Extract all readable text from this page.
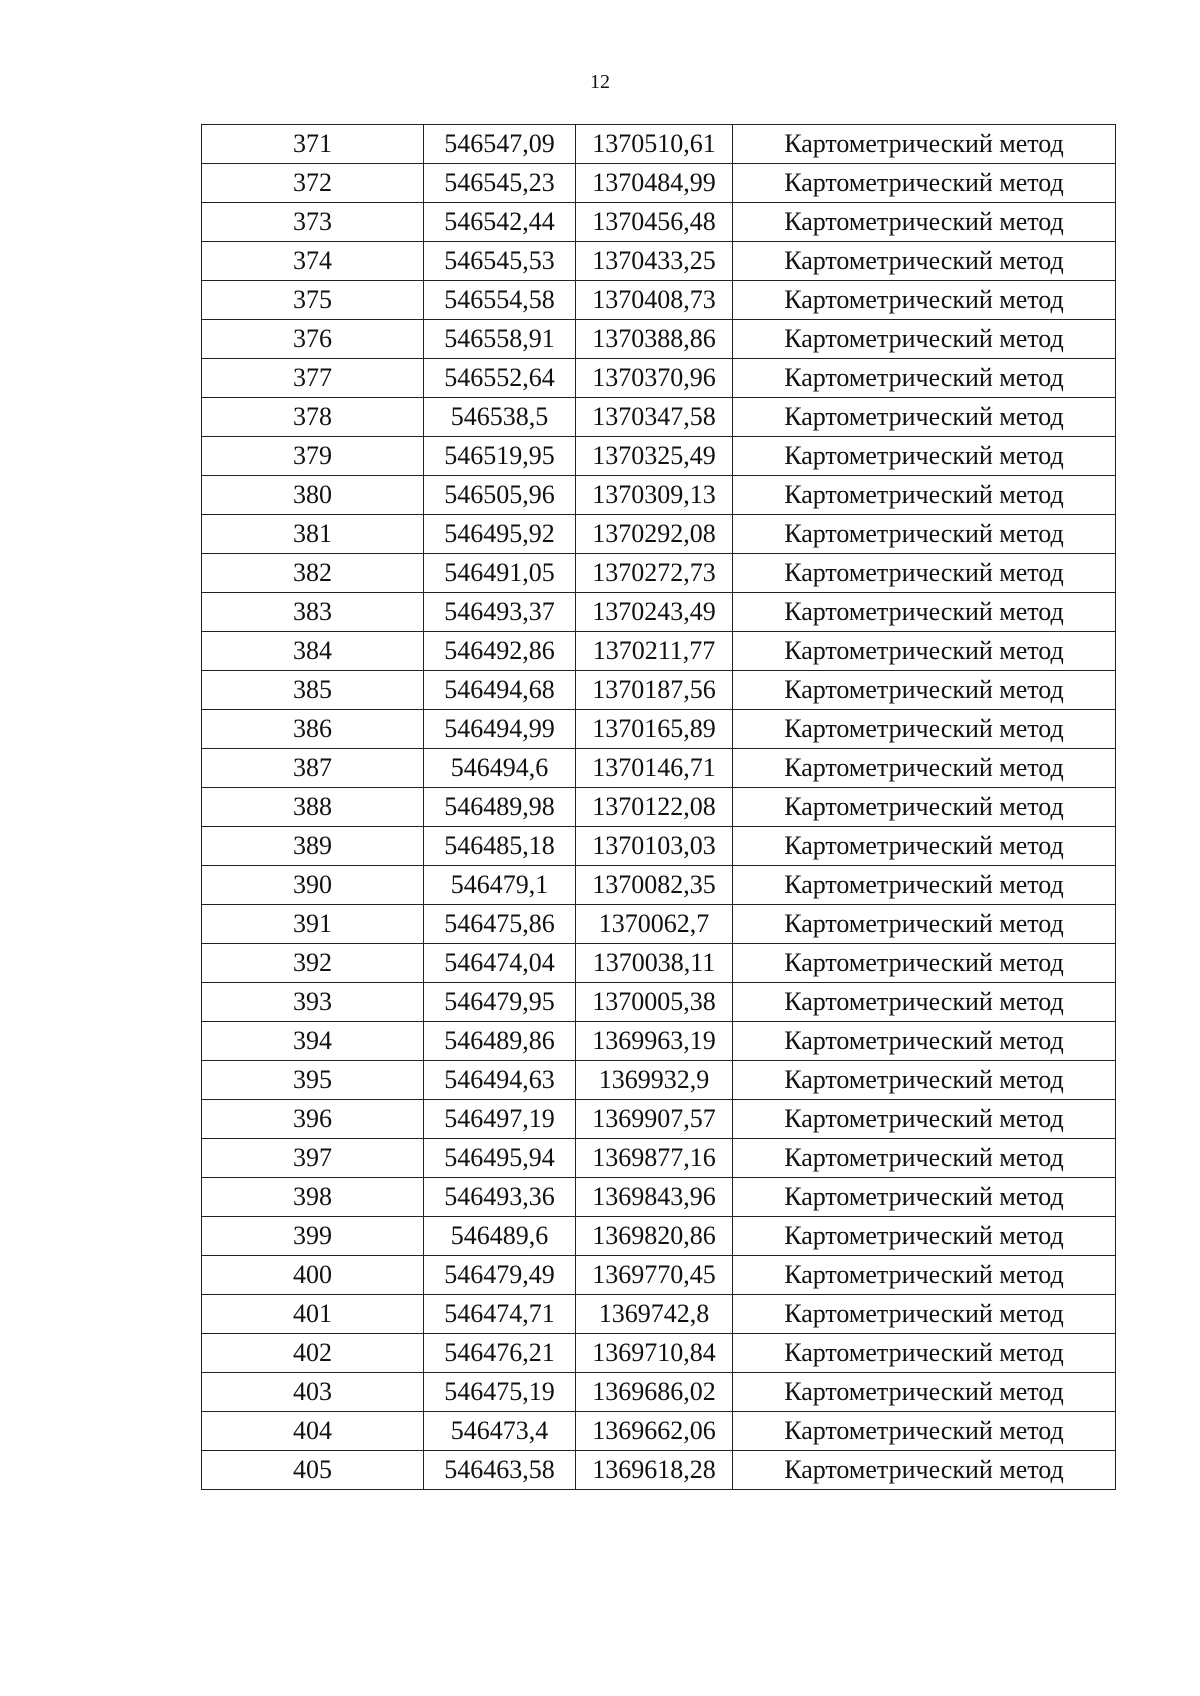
12
371	546547,09	1370510,61	Картометрический метод
372	546545,23	1370484,99	Картометрический метод
373	546542,44	1370456,48	Картометрический метод
374	546545,53	1370433,25	Картометрический метод
375	546554,58	1370408,73	Картометрический метод
376	546558,91	1370388,86	Картометрический метод
377	546552,64	1370370,96	Картометрический метод
378	546538,5	1370347,58	Картометрический метод
379	546519,95	1370325,49	Картометрический метод
380	546505,96	1370309,13	Картометрический метод
381	546495,92	1370292,08	Картометрический метод
382	546491,05	1370272,73	Картометрический метод
383	546493,37	1370243,49	Картометрический метод
384	546492,86	1370211,77	Картометрический метод
385	546494,68	1370187,56	Картометрический метод
386	546494,99	1370165,89	Картометрический метод
387	546494,6	1370146,71	Картометрический метод
388	546489,98	1370122,08	Картометрический метод
389	546485,18	1370103,03	Картометрический метод
390	546479,1	1370082,35	Картометрический метод
391	546475,86	1370062,7	Картометрический метод
392	546474,04	1370038,11	Картометрический метод
393	546479,95	1370005,38	Картометрический метод
394	546489,86	1369963,19	Картометрический метод
395	546494,63	1369932,9	Картометрический метод
396	546497,19	1369907,57	Картометрический метод
397	546495,94	1369877,16	Картометрический метод
398	546493,36	1369843,96	Картометрический метод
399	546489,6	1369820,86	Картометрический метод
400	546479,49	1369770,45	Картометрический метод
401	546474,71	1369742,8	Картометрический метод
402	546476,21	1369710,84	Картометрический метод
403	546475,19	1369686,02	Картометрический метод
404	546473,4	1369662,06	Картометрический метод
405	546463,58	1369618,28	Картометрический метод
